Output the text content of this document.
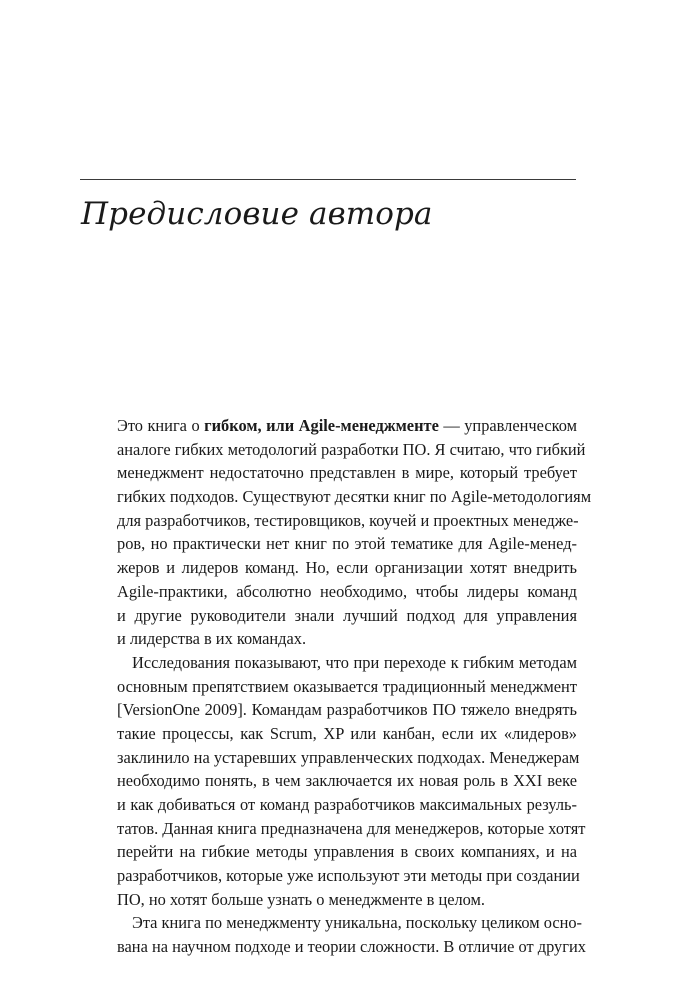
Предисловие автора
Это книга о гибком, или Agile-менеджменте — управленческом
аналоге гибких методологий разработки ПО. Я считаю, что гибкий
менеджмент недостаточно представлен в мире, который требует
гибких подходов. Существуют десятки книг по Agile-методологиям
для разработчиков, тестировщиков, коучей и проектных менедже-
ров, но практически нет книг по этой тематике для Agile-менед-
жеров и лидеров команд. Но, если организации хотят внедрить
Agile-практики, абсолютно необходимо, чтобы лидеры команд
и другие руководители знали лучший подход для управления
и лидерства в их командах.
Исследования показывают, что при переходе к гибким методам
основным препятствием оказывается традиционный менеджмент
[VersionOne 2009]. Командам разработчиков ПО тяжело внедрять
такие процессы, как Scrum, XP или канбан, если их «лидеров»
заклинило на устаревших управленческих подходах. Менеджерам
необходимо понять, в чем заключается их новая роль в XXI веке
и как добиваться от команд разработчиков максимальных резуль-
татов. Данная книга предназначена для менеджеров, которые хотят
перейти на гибкие методы управления в своих компаниях, и на
разработчиков, которые уже используют эти методы при создании
ПО, но хотят больше узнать о менеджменте в целом.
Эта книга по менеджменту уникальна, поскольку целиком осно-
вана на научном подходе и теории сложности. В отличие от других
